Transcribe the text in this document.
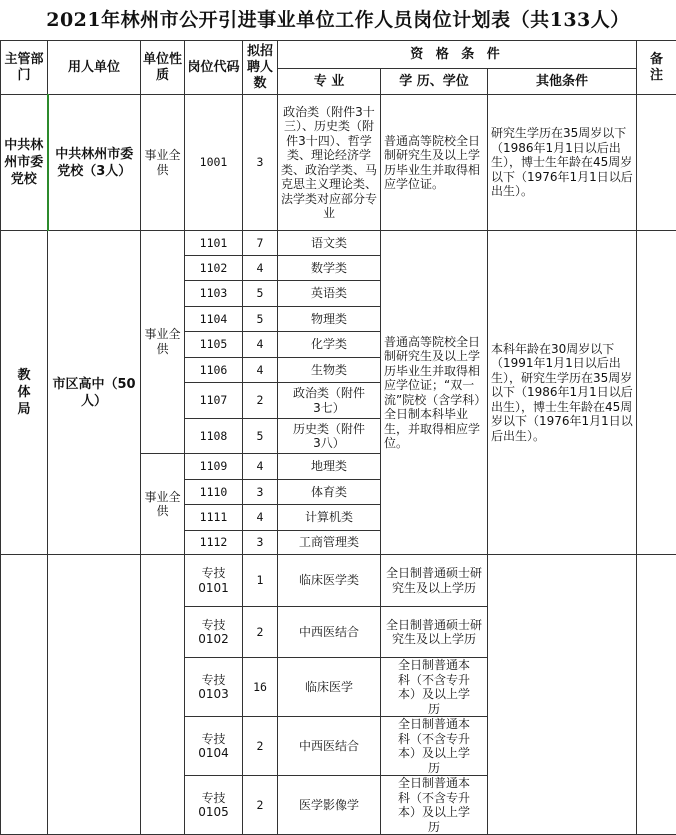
2021年林州市公开引进事业单位工作人员岗位计划表（共133人）
主管部门	用人单位	单位性质	岗位代码	拟招聘人数	资 格 条 件			备注
					专 业	学 历、学位	其他条件	
中共林州市委党校	中共林州市委党校（3人）	事业全供	1001	3	政治类（附件3十三）、历史类（附件3十四）、哲学类、理论经济学类、政治学类、马克思主义理论类、法学类对应部分专业	普通高等院校全日制研究生及以上学历毕业生并取得相应学位证。	研究生学历在35周岁以下（1986年1月1日以后出生），博士生年龄在45周岁以下（1976年1月1日以后出生）。	
教体局	市区高中（50人）	事业全供	1101	7	语文类	普通高等院校全日制研究生及以上学历毕业生并取得相应学位证；“双一流”院校（含学科）全日制本科毕业生，并取得相应学位。	本科年龄在30周岁以下（1991年1月1日以后出生），研究生学历在35周岁以下（1986年1月1日以后出生），博士生年龄在45周岁以下（1976年1月1日以后出生）。	
			1102	4	数学类			
			1103	5	英语类			
			1104	5	物理类			
			1105	4	化学类			
			1106	4	生物类			
			1107	2	政治类（附件3七）			
			1108	5	历史类（附件3八）			
		事业全供	1109	4	地理类			
			1110	3	体育类			
			1111	4	计算机类			
			1112	3	工商管理类			
			专技0101	1	临床医学类	全日制普通硕士研究生及以上学历		
			专技0102	2	中西医结合	全日制普通硕士研究生及以上学历		
			专技0103	16	临床医学	全日制普通本科（不含专升本）及以上学历		
			专技0104	2	中西医结合	全日制普通本科（不含专升本）及以上学历		
			专技0105	2	医学影像学	全日制普通本科（不含专升本）及以上学历		
